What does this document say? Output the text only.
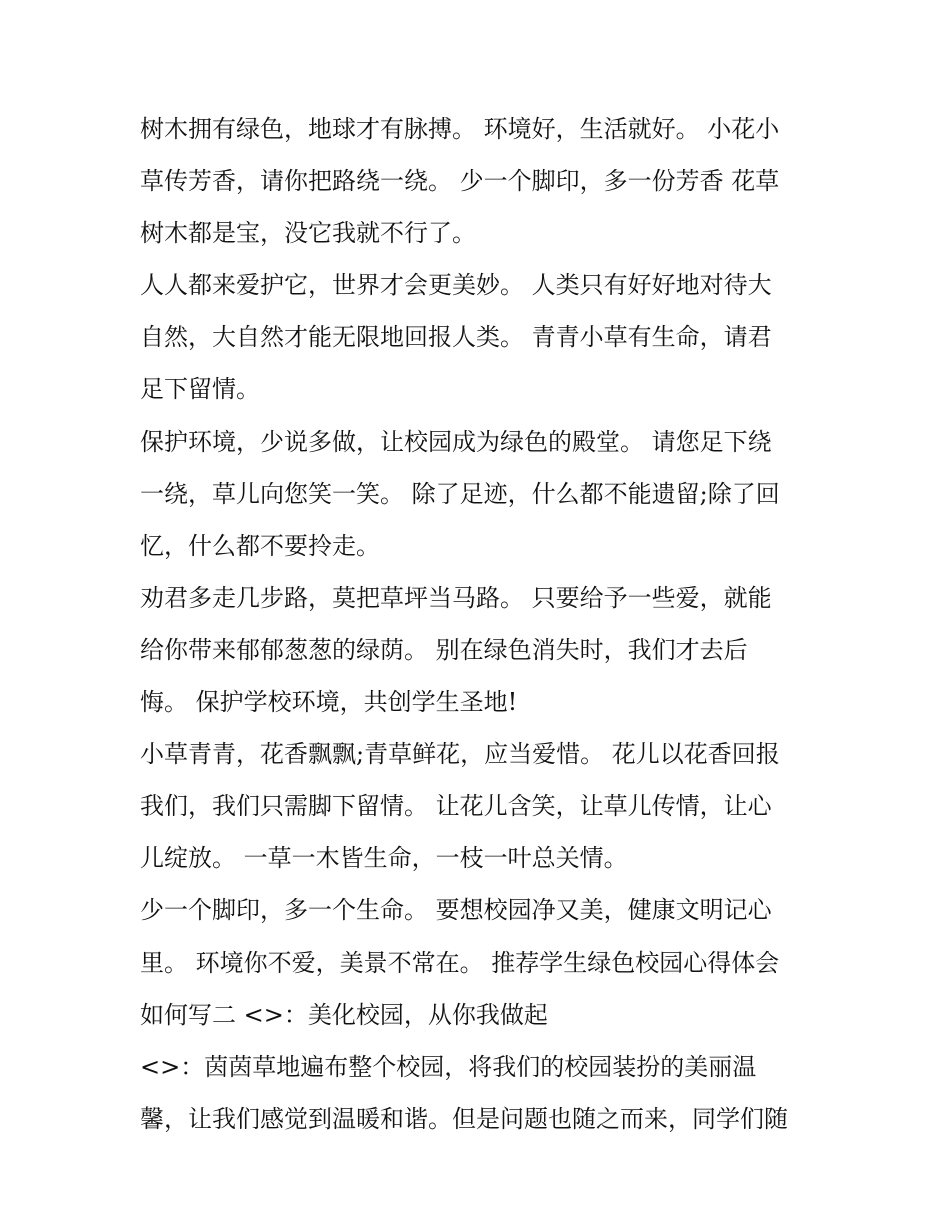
树木拥有绿色，地球才有脉搏。 环境好，生活就好。 小花小
草传芳香，请你把路绕一绕。 少一个脚印，多一份芳香 花草
树木都是宝，没它我就不行了。
人人都来爱护它，世界才会更美妙。 人类只有好好地对待大
自然，大自然才能无限地回报人类。 青青小草有生命，请君
足下留情。
保护环境，少说多做，让校园成为绿色的殿堂。 请您足下绕
一绕，草儿向您笑一笑。 除了足迹，什么都不能遗留;除了回
忆，什么都不要拎走。
劝君多走几步路，莫把草坪当马路。 只要给予一些爱，就能
给你带来郁郁葱葱的绿荫。 别在绿色消失时，我们才去后
悔。 保护学校环境，共创学生圣地!
小草青青，花香飘飘;青草鲜花，应当爱惜。 花儿以花香回报
我们，我们只需脚下留情。 让花儿含笑，让草儿传情，让心
儿绽放。 一草一木皆生命，一枝一叶总关情。
少一个脚印，多一个生命。 要想校园净又美，健康文明记心
里。 环境你不爱，美景不常在。 推荐学生绿色校园心得体会
如何写二 <>：美化校园，从你我做起
<>：茵茵草地遍布整个校园，将我们的校园装扮的美丽温
馨，让我们感觉到温暖和谐。但是问题也随之而来，同学们随
